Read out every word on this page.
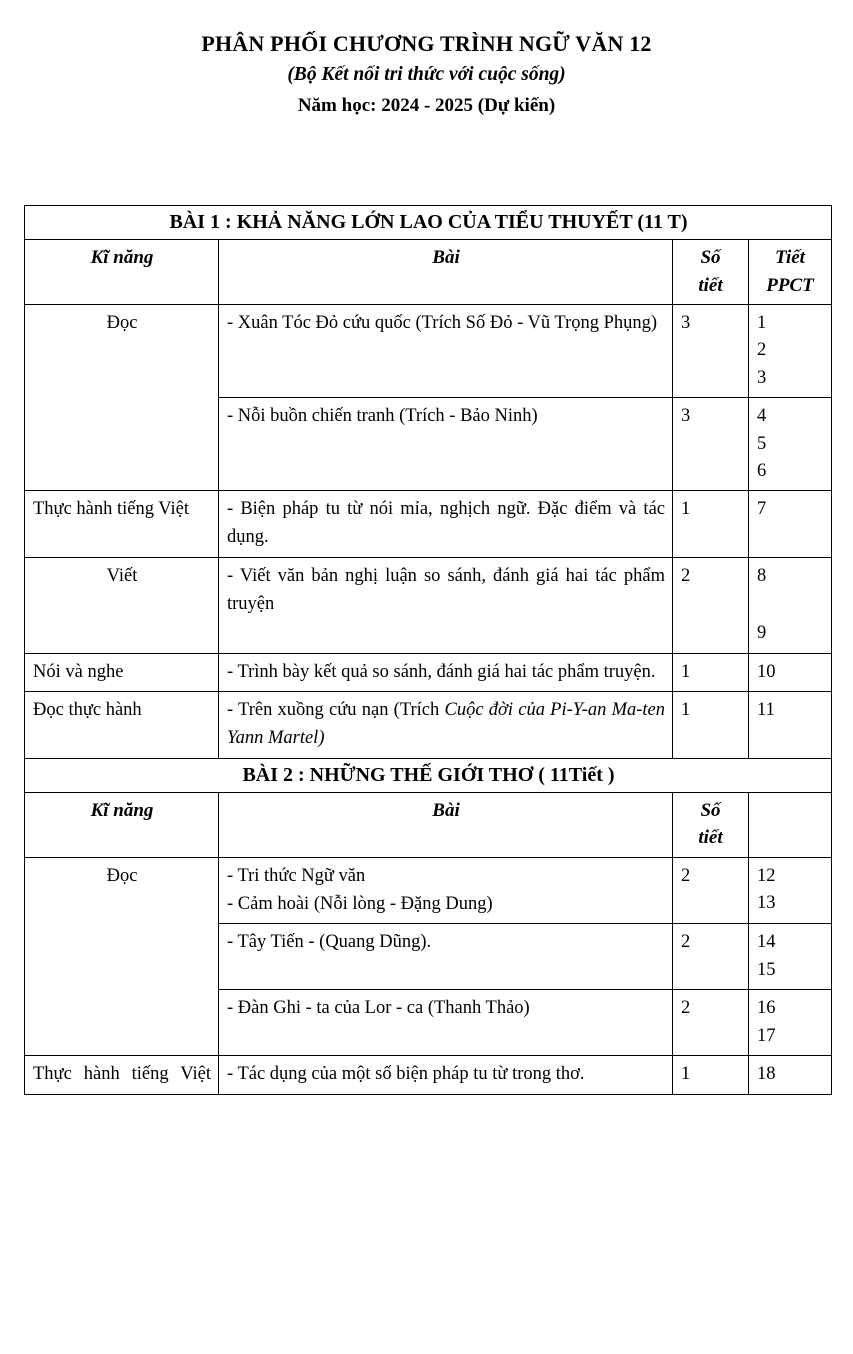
PHÂN PHỐI CHƯƠNG TRÌNH NGỮ VĂN 12
(Bộ Kết nối tri thức với cuộc sống)
Năm học: 2024 - 2025 (Dự kiến)
BÀI 1 : KHẢ NĂNG LỚN LAO CỦA TIỂU THUYẾT (11 T)			
Kĩ năng	Bài	Số
tiết

Tiết
PPCT

Đọc	- Xuân Tóc Đỏ cứu quốc (Trích Số Đỏ - Vũ Trọng Phụng)	3	1
2
3

	- Nỗi buồn chiến tranh (Trích - Bảo Ninh)	3	4
5
6

Thực hành tiếng Việt	- Biện pháp tu từ nói mỉa, nghịch ngữ. Đặc điểm và tác dụng.	1	7
Viết	- Viết văn bản nghị luận so sánh, đánh giá hai tác phẩm truyện	2	8
9

Nói và nghe	- Trình bày kết quả so sánh, đánh giá hai tác phẩm truyện.	1	10
Đọc thực hành	- Trên xuồng cứu nạn (Trích Cuộc đời của Pi-Y-an Ma-ten Yann Martel)	1	11
BÀI 2 : NHỮNG THẾ GIỚI THƠ ( 11Tiết )			
Kĩ năng	Bài	Số
tiết	

Đọc	- Tri thức Ngữ văn
- Cảm hoài (Nỗi lòng - Đặng Dung)
	2	12
13

	- Tây Tiến - (Quang Dũng).	2	14
15

	- Đàn Ghi - ta của Lor - ca (Thanh Thảo)	2	16
17

Thực hành tiếng Việt	- Tác dụng của một số biện pháp tu từ trong thơ.	1	18
